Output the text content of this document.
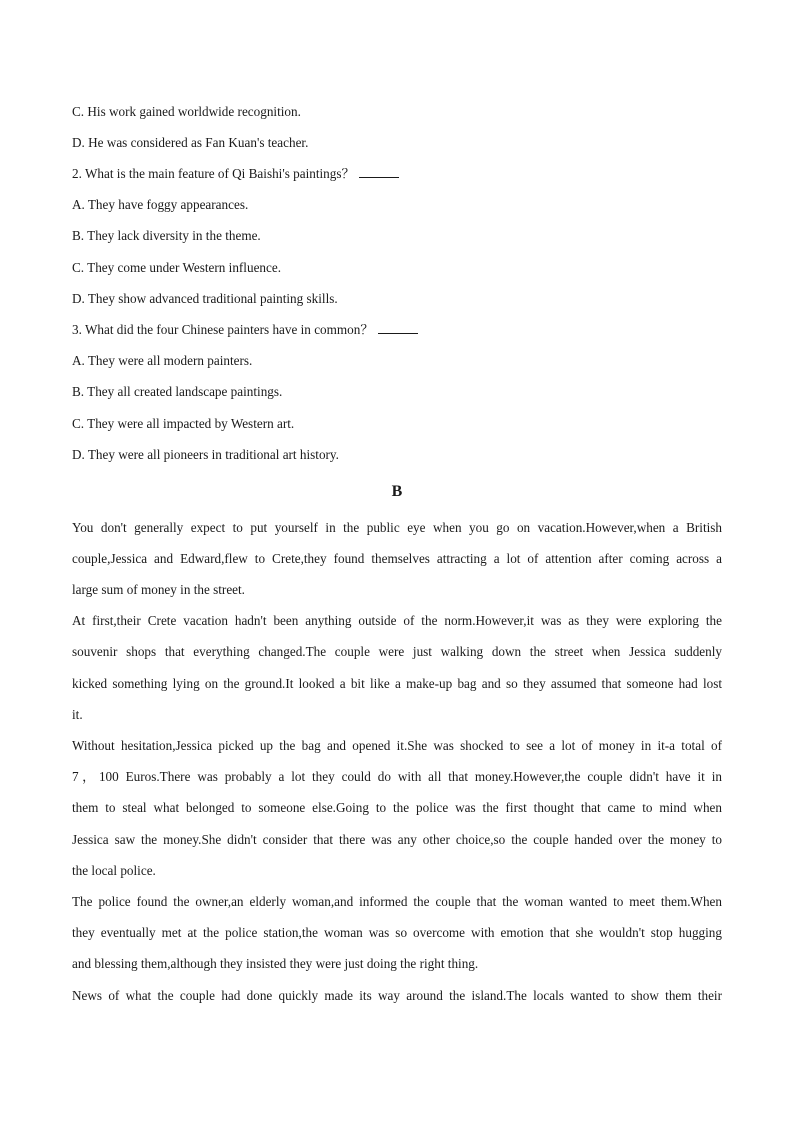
C. His work gained worldwide recognition.
D. He was considered as Fan Kuan's teacher.
2. What is the main feature of Qi Baishi's paintings？
A. They have foggy appearances.
B. They lack diversity in the theme.
C. They come under Western influence.
D. They show advanced traditional painting skills.
3. What did the four Chinese painters have in common？
A. They were all modern painters.
B. They all created landscape paintings.
C. They were all impacted by Western art.
D. They were all pioneers in traditional art history.
B
You don't generally expect to put yourself in the public eye when you go on vacation.However,when a British
couple,Jessica and Edward,flew to Crete,they found themselves attracting a lot of attention after coming across a
large sum of money in the street.
At first,their Crete vacation hadn't been anything outside of the norm.However,it was as they were exploring the
souvenir shops that everything changed.The couple were just walking down the street when Jessica suddenly
kicked something lying on the ground.It looked a bit like a make-up bag and so they assumed that someone had lost
it.
Without hesitation,Jessica picked up the bag and opened it.She was shocked to see a lot of money in it-a total of
7，100 Euros.There was probably a lot they could do with all that money.However,the couple didn't have it in
them to steal what belonged to someone else.Going to the police was the first thought that came to mind when
Jessica saw the money.She didn't consider that there was any other choice,so the couple handed over the money to
the local police.
The police found the owner,an elderly woman,and informed the couple that the woman wanted to meet them.When
they eventually met at the police station,the woman was so overcome with emotion that she wouldn't stop hugging
and blessing them,although they insisted they were just doing the right thing.
News of what the couple had done quickly made its way around the island.The locals wanted to show them their
